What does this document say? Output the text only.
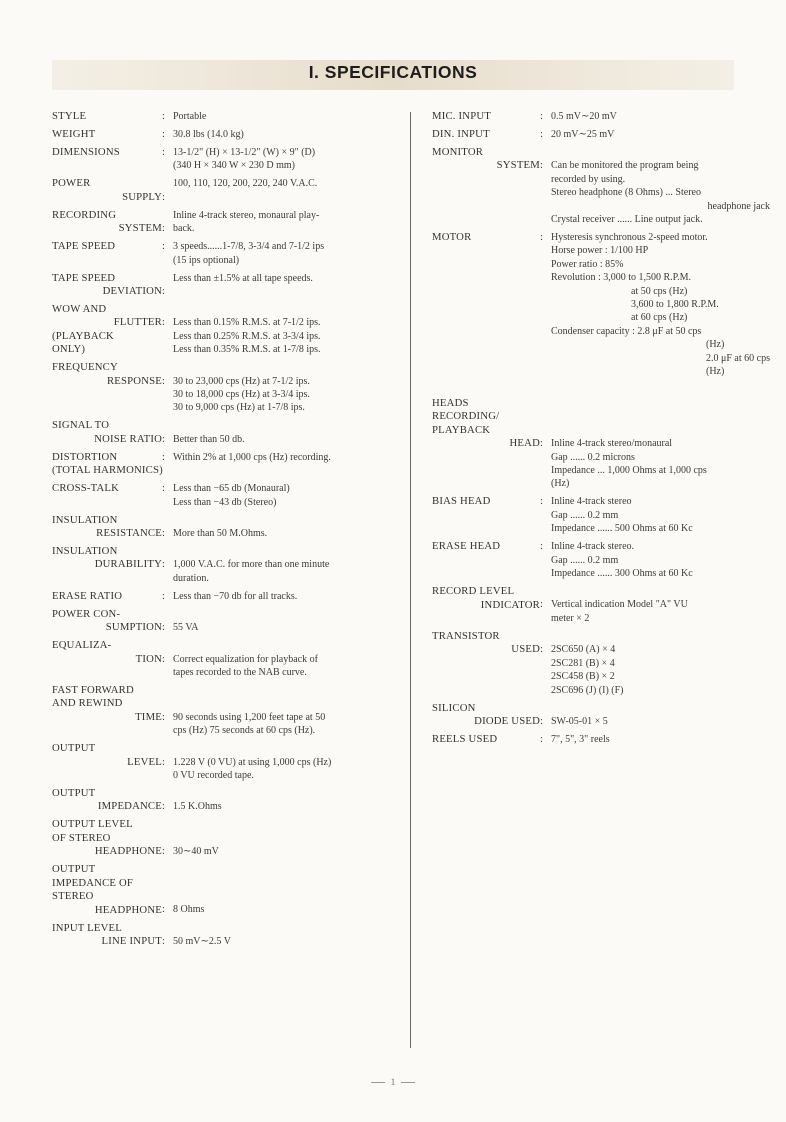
I. SPECIFICATIONS
STYLE	: Portable
WEIGHT	: 30.8 lbs (14.0 kg)
DIMENSIONS	: 13-1/2" (H) × 13-1/2" (W) × 9" (D)
(340 H × 340 W × 230 D mm)
POWER
SUPPLY :
100, 110, 120, 200, 220, 240 V.A.C.
RECORDING
SYSTEM :
Inline 4-track stereo, monaural play-
back.
TAPE SPEED	: 3 speeds......1-7/8, 3-3/4 and 7-1/2 ips
(15 ips optional)
TAPE SPEED
DEVIATION :
Less than ±1.5% at all tape speeds.
WOW AND
FLUTTER
(PLAYBACK
ONLY)
: Less than 0.15% R.M.S. at 7-1/2 ips.
Less than 0.25% R.M.S. at 3-3/4 ips.
Less than 0.35% R.M.S. at 1-7/8 ips.
FREQUENCY
RESPONSE : 30 to 23,000 cps (Hz) at 7-1/2 ips.
30 to 18,000 cps (Hz) at 3-3/4 ips.
30 to 9,000 cps (Hz) at 1-7/8 ips.
SIGNAL TO
NOISE RATIO : Better than 50 db.
DISTORTION
(TOTAL HARMONICS)
: Within 2% at 1,000 cps (Hz) recording.
CROSS-TALK	: Less than −65 db (Monaural)
Less than −43 db (Stereo)
INSULATION
RESISTANCE : More than 50 M.Ohms.
INSULATION
DURABILITY : 1,000 V.A.C. for more than one minute
duration.
ERASE RATIO	: Less than −70 db for all tracks.
POWER CON-
SUMPTION : 55 VA
EQUALIZA-
TION : Correct equalization for playback of
tapes recorded to the NAB curve.
FAST FORWARD
AND REWIND
TIME : 90 seconds using 1,200 feet tape at 50
cps (Hz) 75 seconds at 60 cps (Hz).
OUTPUT
LEVEL : 1.228 V (0 VU) at using 1,000 cps (Hz)
0 VU recorded tape.
OUTPUT
IMPEDANCE : 1.5 K.Ohms
OUTPUT LEVEL
OF STEREO
HEADPHONE : 30∼40 mV
OUTPUT
IMPEDANCE OF
STEREO
HEADPHONE : 8 Ohms
INPUT LEVEL
LINE INPUT : 50 mV∼2.5 V
MIC. INPUT	: 0.5 mV∼20 mV
DIN. INPUT	: 20 mV∼25 mV
MONITOR
SYSTEM : Can be monitored the program being
recorded by using.
Stereo headphone (8 Ohms) ... Stereo
headphone jack
Crystal receiver ...... Line output jack.
MOTOR	: Hysteresis synchronous 2-speed motor.
Horse power : 1/100 HP
Power ratio : 85%
Revolution : 3,000 to 1,500 R.P.M.
at 50 cps (Hz)
3,600 to 1,800 R.P.M.
at 60 cps (Hz)
Condenser capacity : 2.8 μF at 50 cps
(Hz)
2.0 μF at 60 cps
(Hz)
HEADS
RECORDING/
PLAYBACK
HEAD : Inline 4-track stereo/monaural
Gap ...... 0.2 microns
Impedance ... 1,000 Ohms at 1,000 cps
(Hz)
BIAS HEAD	: Inline 4-track stereo
Gap ...... 0.2 mm
Impedance ...... 500 Ohms at 60 Kc
ERASE HEAD	: Inline 4-track stereo.
Gap ...... 0.2 mm
Impedance ...... 300 Ohms at 60 Kc
RECORD LEVEL
INDICATOR : Vertical indication Model "A" VU
meter × 2
TRANSISTOR
USED : 2SC650 (A) × 4
2SC281 (B) × 4
2SC458 (B) × 2
2SC696 (J) (I) (F)
SILICON
DIODE USED : SW-05-01 × 5
REELS USED	: 7", 5", 3" reels
1
